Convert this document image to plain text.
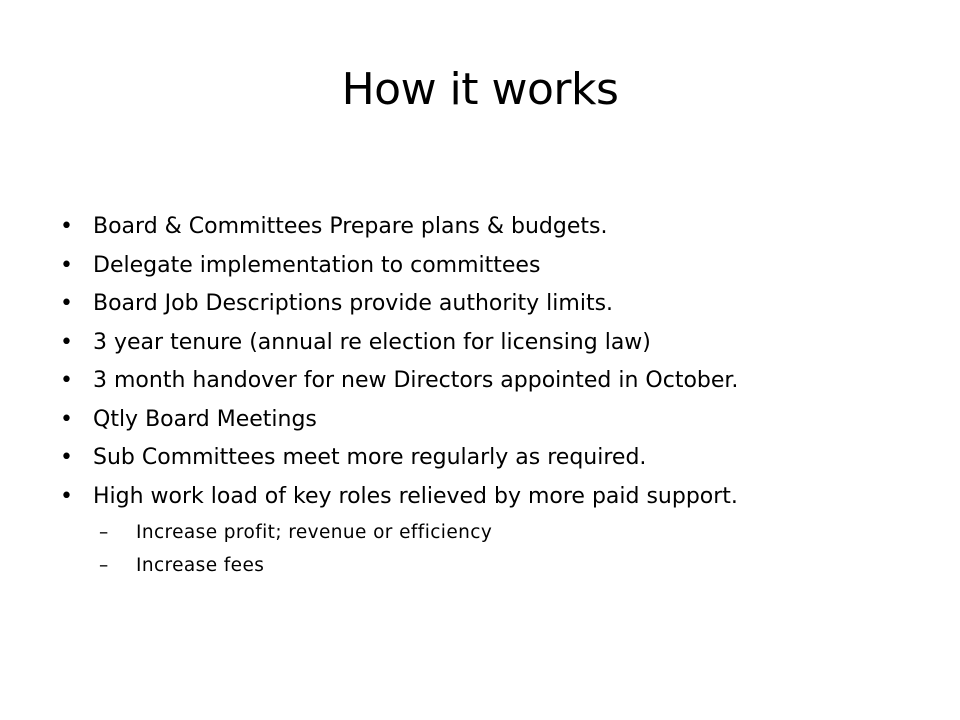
How it works
• Board & Committees Prepare plans & budgets.
• Delegate implementation to committees
• Board Job Descriptions provide authority limits.
• 3 year tenure (annual re election for licensing law)
• 3 month handover for new Directors appointed in October.
• Qtly Board Meetings
• Sub Committees meet more regularly as required.
• High work load of key roles relieved by more paid support.
– Increase profit; revenue or efficiency
– Increase fees
